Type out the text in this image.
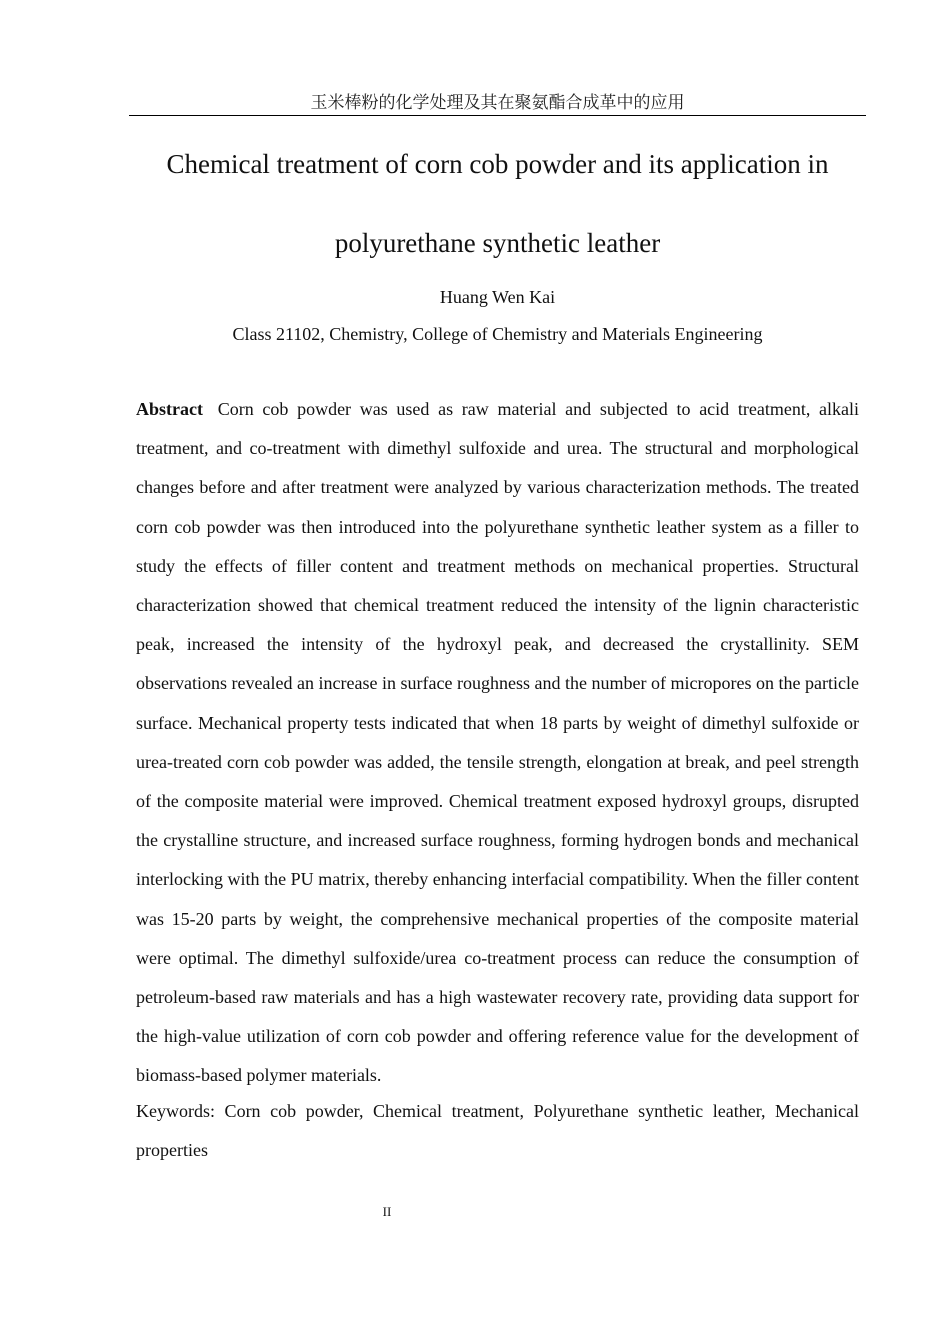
玉米棒粉的化学处理及其在聚氨酯合成革中的应用
Chemical treatment of corn cob powder and its application in
polyurethane synthetic leather
Huang Wen Kai
Class 21102, Chemistry, College of Chemistry and Materials Engineering

Abstract Corn cob powder was used as raw material and subjected to acid treatment, alkali treatment, and co-treatment with dimethyl sulfoxide and urea. The structural and morphological changes before and after treatment were analyzed by various characterization methods. The treated corn cob powder was then introduced into the polyurethane synthetic leather system as a filler to study the effects of filler content and treatment methods on mechanical properties. Structural characterization showed that chemical treatment reduced the intensity of the lignin characteristic peak, increased the intensity of the hydroxyl peak, and decreased the crystallinity. SEM observations revealed an increase in surface roughness and the number of micropores on the particle surface. Mechanical property tests indicated that when 18 parts by weight of dimethyl sulfoxide or urea-treated corn cob powder was added, the tensile strength, elongation at break, and peel strength of the composite material were improved. Chemical treatment exposed hydroxyl groups, disrupted the crystalline structure, and increased surface roughness, forming hydrogen bonds and mechanical interlocking with the PU matrix, thereby enhancing interfacial compatibility. When the filler content was 15-20 parts by weight, the comprehensive mechanical properties of the composite material were optimal. The dimethyl sulfoxide/urea co-treatment process can reduce the consumption of petroleum-based raw materials and has a high wastewater recovery rate, providing data support for the high-value utilization of corn cob powder and offering reference value for the development of biomass-based polymer materials.

Keywords: Corn cob powder, Chemical treatment, Polyurethane synthetic leather, Mechanical properties

II
